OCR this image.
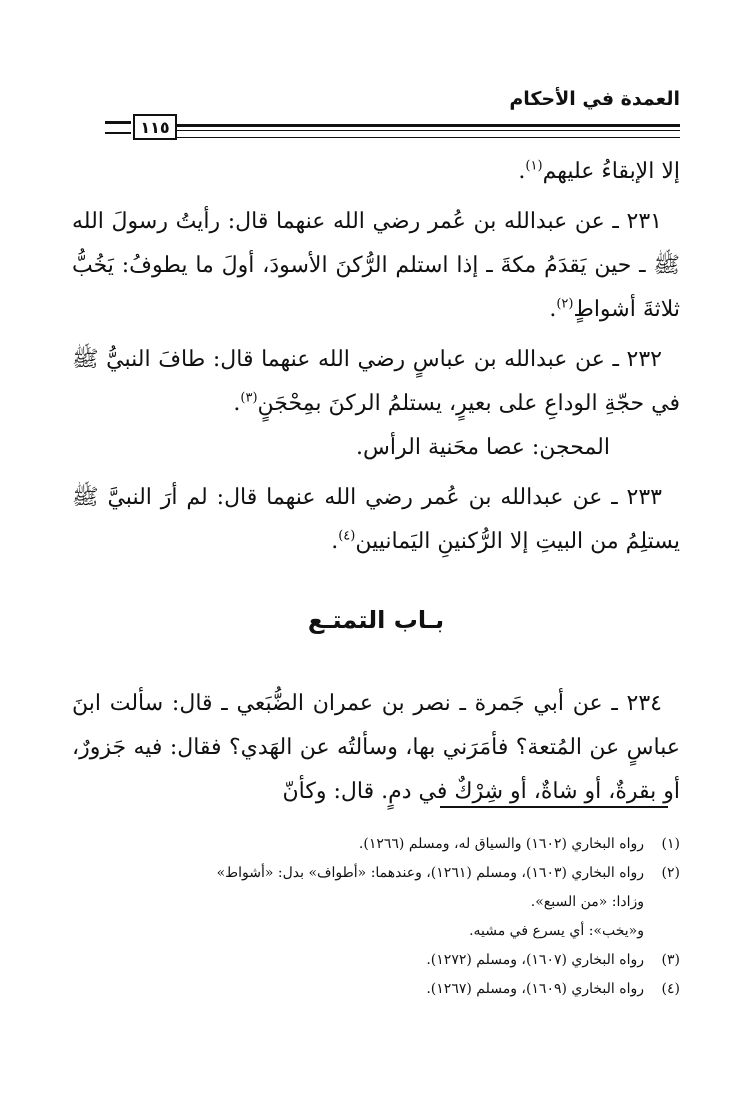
العمدة في الأحكام
١١٥

إلا الإبقاءُ عليهم$^{(١)}$.

٢٣١ ـ عن عبدالله بن عُمر رضي الله عنهما قال: رأيتُ رسولَ الله ﷺ ـ حين يَقدَمُ مكةَ ـ إذا استلم الرُّكنَ الأسودَ، أولَ ما يطوفُ: يَخُبُّ ثلاثةَ أشواطٍ$^{(٢)}$.

٢٣٢ ـ عن عبدالله بن عباسٍ رضي الله عنهما قال: طافَ النبيُّ ﷺ في حجّةِ الوداعِ على بعيرٍ، يستلمُ الركنَ بمِحْجَنٍ$^{(٣)}$.

المحجن: عصا محَنية الرأس.

٢٣٣ ـ عن عبدالله بن عُمر رضي الله عنهما قال: لم أرَ النبيَّ ﷺ يستلِمُ من البيتِ إلا الرُّكنينِ اليَمانيين$^{(٤)}$.

بـاب التمتـع

٢٣٤ ـ عن أبي جَمرة ـ نصر بن عمران الضُّبَعي ـ قال: سألت ابنَ عباسٍ عن المُتعة؟ فأمَرَني بها، وسألتُه عن الهَدي؟ فقال: فيه جَزورٌ، أو بقرةٌ، أو شاةٌ، أو شِرْكٌ في دمٍ. قال: وكأنّ

(١)
رواه البخاري (١٦٠٢) والسياق له، ومسلم (١٢٦٦).

(٢)
رواه البخاري (١٦٠٣)، ومسلم (١٢٦١)، وعندهما: «أطواف» بدل: «أشواط»

وزادا: «من السبع».

و«يخب»: أي يسرع في مشيه.

(٣)
رواه البخاري (١٦٠٧)، ومسلم (١٢٧٢).

(٤)
رواه البخاري (١٦٠٩)، ومسلم (١٢٦٧).
